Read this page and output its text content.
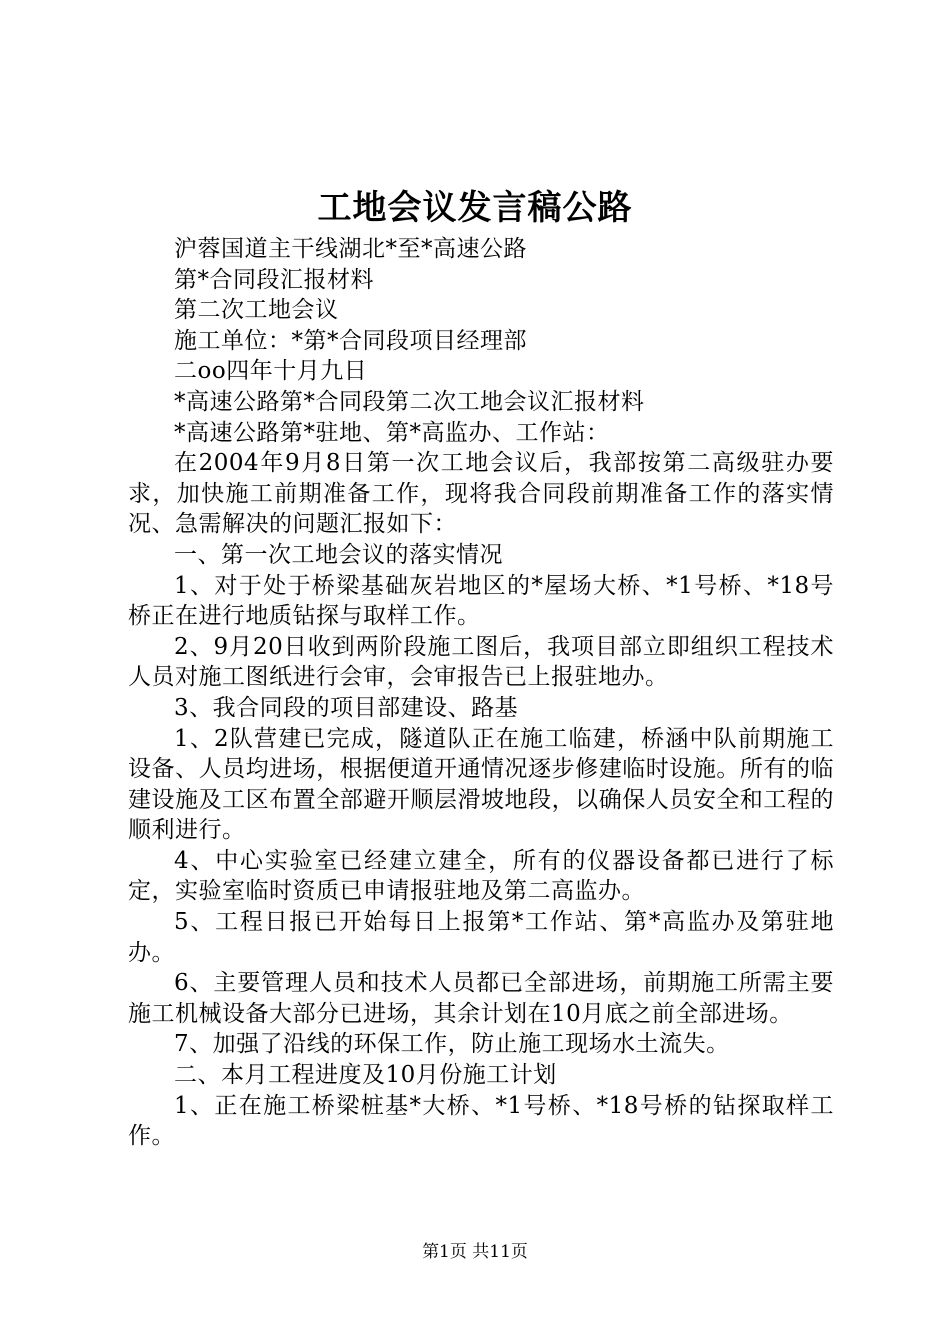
工地会议发言稿公路

沪蓉国道主干线湖北*至*高速公路

第*合同段汇报材料

第二次工地会议

施工单位：*第*合同段项目经理部

二oo四年十月九日

*高速公路第*合同段第二次工地会议汇报材料

*高速公路第*驻地、第*高监办、工作站：

在2004年9月8日第一次工地会议后，我部按第二高级驻办要求，加快施工前期准备工作，现将我合同段前期准备工作的落实情况、急需解决的问题汇报如下：

一、第一次工地会议的落实情况

1、对于处于桥梁基础灰岩地区的*屋场大桥、*1号桥、*18号桥正在进行地质钻探与取样工作。

2、9月20日收到两阶段施工图后，我项目部立即组织工程技术人员对施工图纸进行会审，会审报告已上报驻地办。

3、我合同段的项目部建设、路基

1、2队营建已完成，隧道队正在施工临建，桥涵中队前期施工设备、人员均进场，根据便道开通情况逐步修建临时设施。所有的临建设施及工区布置全部避开顺层滑坡地段，以确保人员安全和工程的顺利进行。

4、中心实验室已经建立建全，所有的仪器设备都已进行了标定，实验室临时资质已申请报驻地及第二高监办。

5、工程日报已开始每日上报第*工作站、第*高监办及第驻地办。

6、主要管理人员和技术人员都已全部进场，前期施工所需主要施工机械设备大部分已进场，其余计划在10月底之前全部进场。

7、加强了沿线的环保工作，防止施工现场水土流失。

二、本月工程进度及10月份施工计划

1、正在施工桥梁桩基*大桥、*1号桥、*18号桥的钻探取样工作。

第1页 共11页
